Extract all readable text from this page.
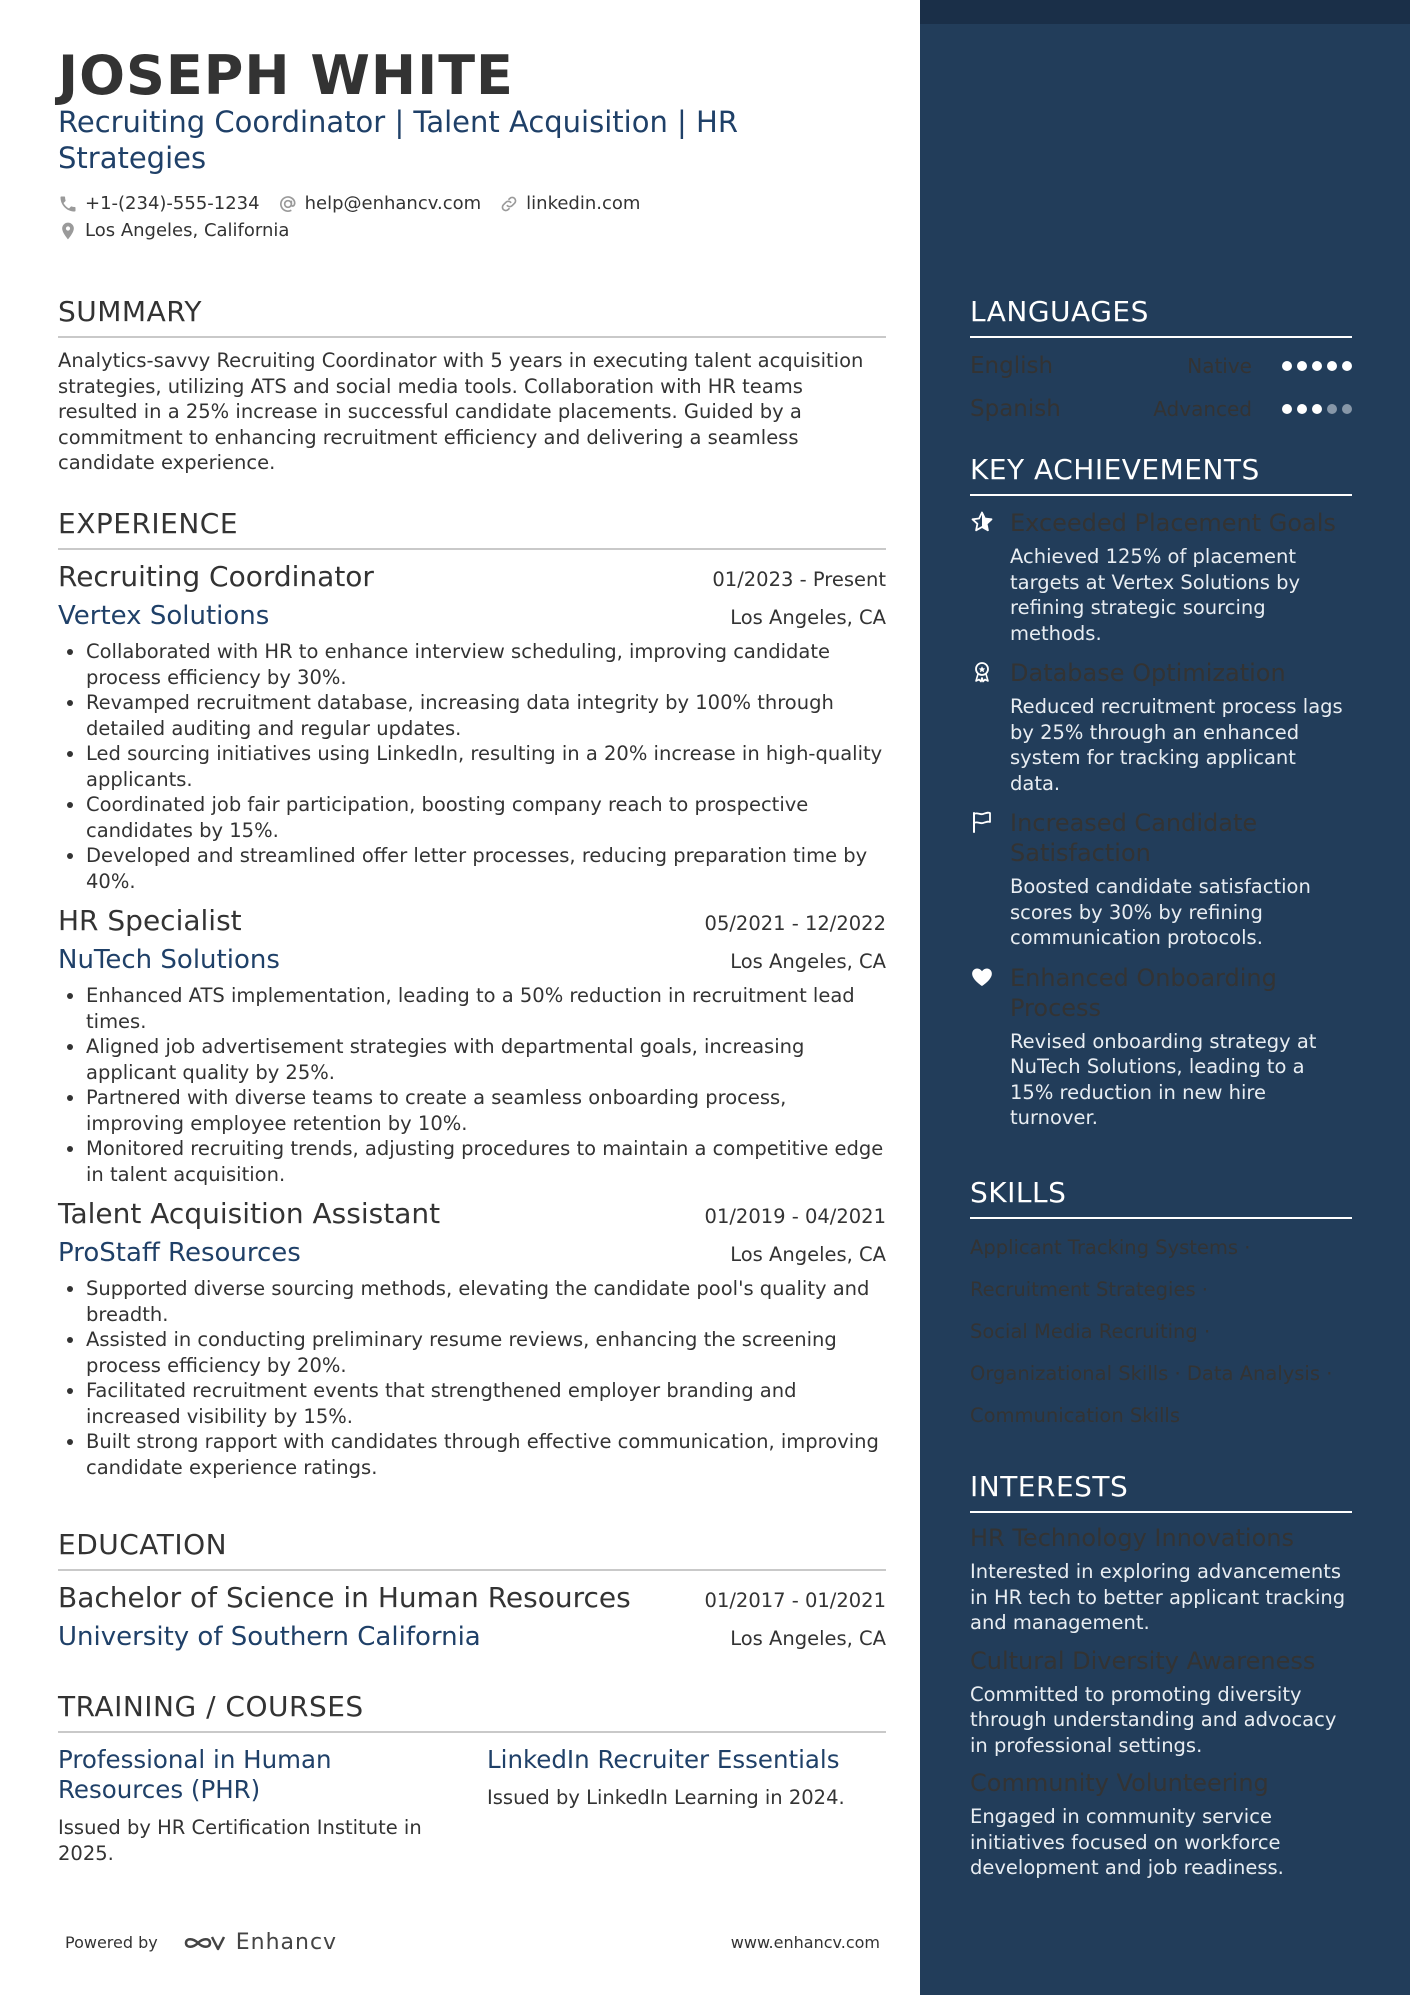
JOSEPH WHITE
Recruiting Coordinator | Talent Acquisition | HR Strategies
+1-(234)-555-1234	help@enhancv.com	linkedin.com
Los Angeles, California
SUMMARY
Analytics-savvy Recruiting Coordinator with 5 years in executing talent acquisition strategies, utilizing ATS and social media tools. Collaboration with HR teams resulted in a 25% increase in successful candidate placements. Guided by a commitment to enhancing recruitment efficiency and delivering a seamless candidate experience.
EXPERIENCE
Recruiting Coordinator	01/2023 - Present
Vertex Solutions	Los Angeles, CA
• Collaborated with HR to enhance interview scheduling, improving candidate process efficiency by 30%.
• Revamped recruitment database, increasing data integrity by 100% through detailed auditing and regular updates.
• Led sourcing initiatives using LinkedIn, resulting in a 20% increase in high-quality applicants.
• Coordinated job fair participation, boosting company reach to prospective candidates by 15%.
• Developed and streamlined offer letter processes, reducing preparation time by 40%.
HR Specialist	05/2021 - 12/2022
NuTech Solutions	Los Angeles, CA
• Enhanced ATS implementation, leading to a 50% reduction in recruitment lead times.
• Aligned job advertisement strategies with departmental goals, increasing applicant quality by 25%.
• Partnered with diverse teams to create a seamless onboarding process, improving employee retention by 10%.
• Monitored recruiting trends, adjusting procedures to maintain a competitive edge in talent acquisition.
Talent Acquisition Assistant	01/2019 - 04/2021
ProStaff Resources	Los Angeles, CA
• Supported diverse sourcing methods, elevating the candidate pool's quality and breadth.
• Assisted in conducting preliminary resume reviews, enhancing the screening process efficiency by 20%.
• Facilitated recruitment events that strengthened employer branding and increased visibility by 15%.
• Built strong rapport with candidates through effective communication, improving candidate experience ratings.
EDUCATION
Bachelor of Science in Human Resources	01/2017 - 01/2021
University of Southern California	Los Angeles, CA
TRAINING / COURSES
Professional in Human Resources (PHR)
Issued by HR Certification Institute in 2025.
LinkedIn Recruiter Essentials
Issued by LinkedIn Learning in 2024.
Powered by	Enhancv	www.enhancv.com
LANGUAGES
English	Native
Spanish	Advanced
KEY ACHIEVEMENTS
Exceeded Placement Goals
Achieved 125% of placement targets at Vertex Solutions by refining strategic sourcing methods.
Database Optimization
Reduced recruitment process lags by 25% through an enhanced system for tracking applicant data.
Increased Candidate Satisfaction
Boosted candidate satisfaction scores by 30% by refining communication protocols.
Enhanced Onboarding Process
Revised onboarding strategy at NuTech Solutions, leading to a 15% reduction in new hire turnover.
SKILLS
Applicant Tracking Systems ·
Recruitment Strategies ·
Social Media Recruiting ·
Organizational Skills · Data Analysis ·
Communication Skills
INTERESTS
HR Technology Innovations
Interested in exploring advancements in HR tech to better applicant tracking and management.
Cultural Diversity Awareness
Committed to promoting diversity through understanding and advocacy in professional settings.
Community Volunteering
Engaged in community service initiatives focused on workforce development and job readiness.
